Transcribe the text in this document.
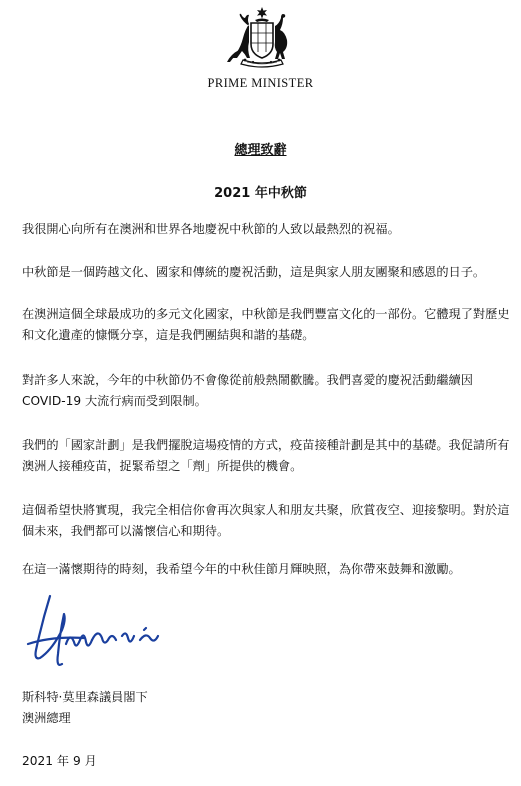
PRIME MINISTER
總理致辭
2021 年中秋節

我很開心向所有在澳洲和世界各地慶祝中秋節的人致以最熱烈的祝福。

中秋節是一個跨越文化、國家和傳統的慶祝活動，這是與家人朋友團聚和感恩的日子。

在澳洲這個全球最成功的多元文化國家，中秋節是我們豐富文化的一部份。它體現了對歷史和文化遺產的慷慨分享，這是我們團結與和諧的基礎。

對許多人來說，今年的中秋節仍不會像從前般熱鬧歡騰。我們喜愛的慶祝活動繼續因COVID-19 大流行病而受到限制。

我們的「國家計劃」是我們擺脫這場疫情的方式，疫苗接種計劃是其中的基礎。我促請所有澳洲人接種疫苗，捉緊希望之「劑」所提供的機會。

這個希望快將實現，我完全相信你會再次與家人和朋友共聚，欣賞夜空、迎接黎明。對於這個未來，我們都可以滿懷信心和期待。

在這一滿懷期待的時刻，我希望今年的中秋佳節月輝映照，為你帶來鼓舞和激勵。

斯科特·莫里森議員閣下
澳洲總理
2021 年 9 月
